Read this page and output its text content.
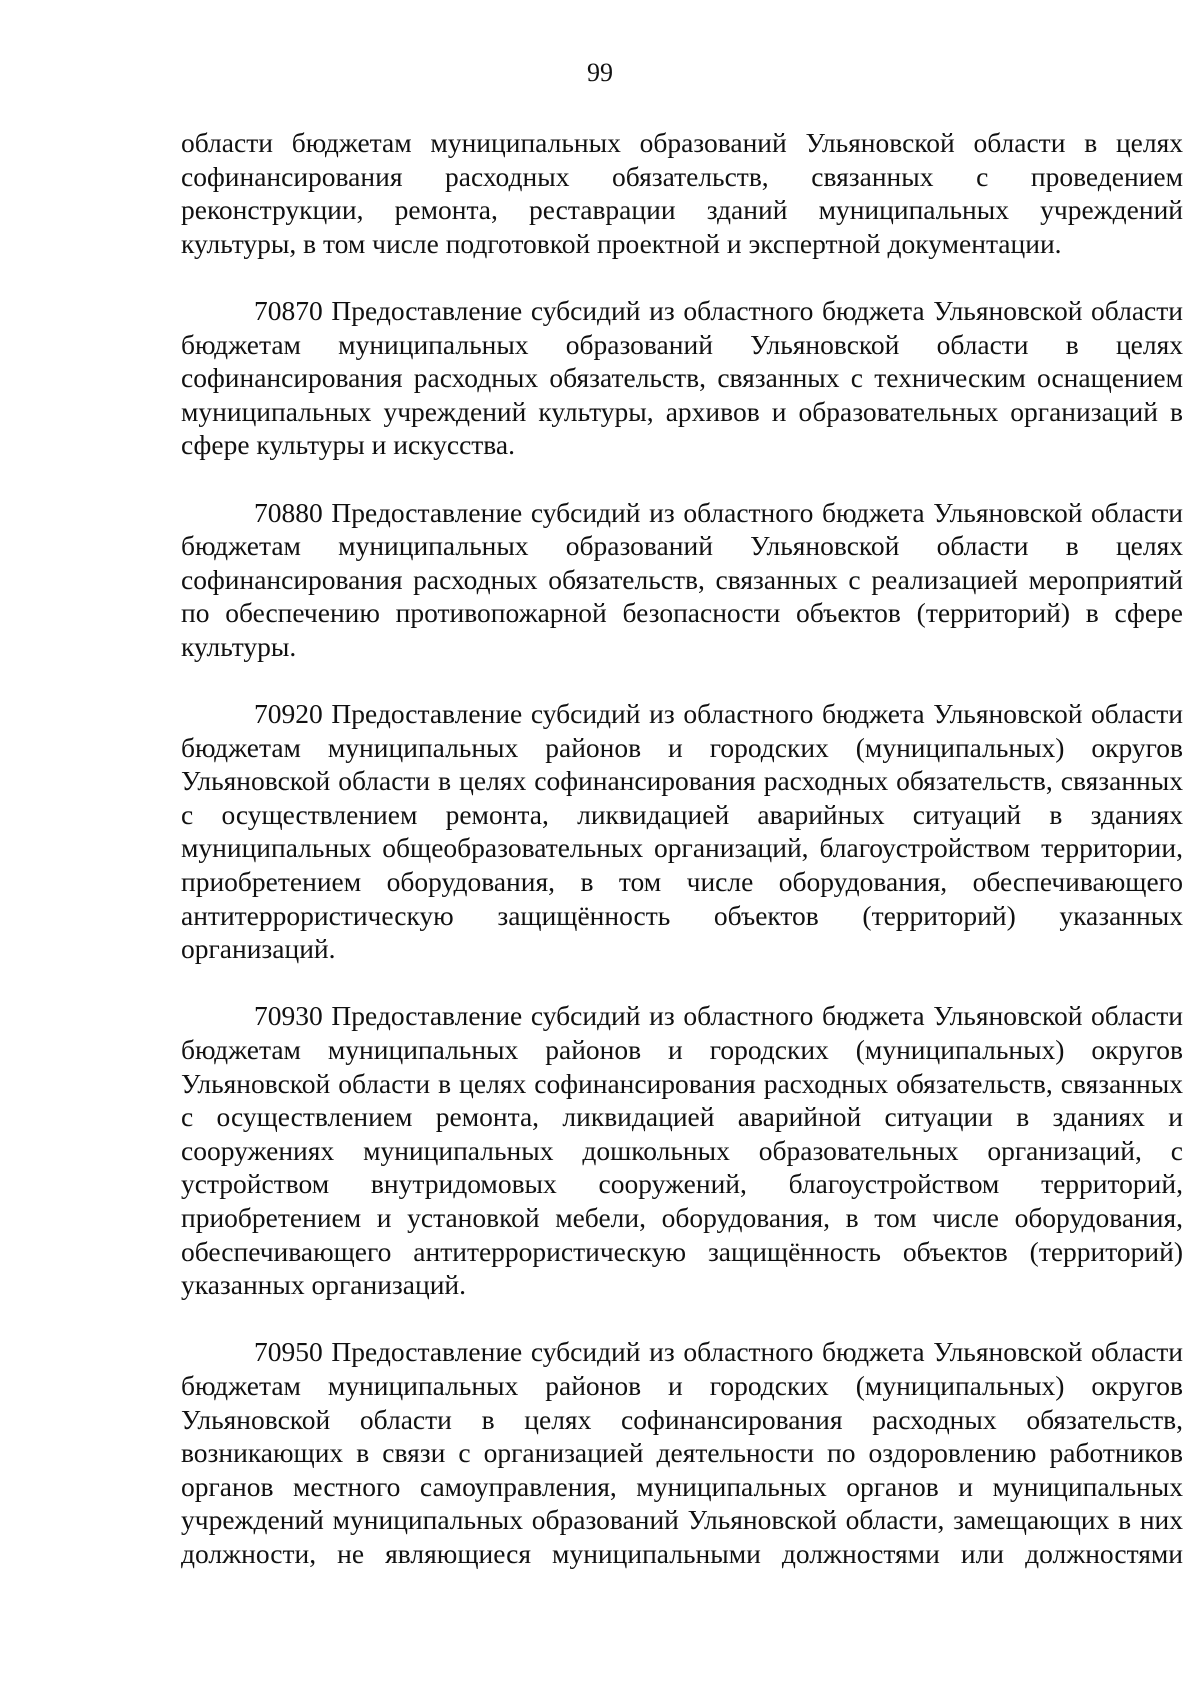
99

области бюджетам муниципальных образований Ульяновской области в целях софинансирования расходных обязательств, связанных с проведением реконструкции, ремонта, реставрации зданий муниципальных учреждений культуры, в том числе подготовкой проектной и экспертной документации.

70870 Предоставление субсидий из областного бюджета Ульяновской области бюджетам муниципальных образований Ульяновской области в целях софинансирования расходных обязательств, связанных с техническим оснащением муниципальных учреждений культуры, архивов и образовательных организаций в сфере культуры и искусства.

70880 Предоставление субсидий из областного бюджета Ульяновской области бюджетам муниципальных образований Ульяновской области в целях софинансирования расходных обязательств, связанных с реализацией мероприятий по обеспечению противопожарной безопасности объектов (территорий) в сфере культуры.

70920 Предоставление субсидий из областного бюджета Ульяновской области бюджетам муниципальных районов и городских (муниципальных) округов Ульяновской области в целях софинансирования расходных обязательств, связанных с осуществлением ремонта, ликвидацией аварийных ситуаций в зданиях муниципальных общеобразовательных организаций, благоустройством территории, приобретением оборудования, в том числе оборудования, обеспечивающего антитеррористическую защищённость объектов (территорий) указанных организаций.

70930 Предоставление субсидий из областного бюджета Ульяновской области бюджетам муниципальных районов и городских (муниципальных) округов Ульяновской области в целях софинансирования расходных обязательств, связанных с осуществлением ремонта, ликвидацией аварийной ситуации в зданиях и сооружениях муниципальных дошкольных образовательных организаций, с устройством внутридомовых сооружений, благоустройством территорий, приобретением и установкой мебели, оборудования, в том числе оборудования, обеспечивающего антитеррористическую защищённость объектов (территорий) указанных организаций.

70950 Предоставление субсидий из областного бюджета Ульяновской области бюджетам муниципальных районов и городских (муниципальных) округов Ульяновской области в целях софинансирования расходных обязательств, возникающих в связи с организацией деятельности по оздоровлению работников органов местного самоуправления, муниципальных органов и муниципальных учреждений муниципальных образований Ульяновской области, замещающих в них должности, не являющиеся муниципальными должностями или должностями
